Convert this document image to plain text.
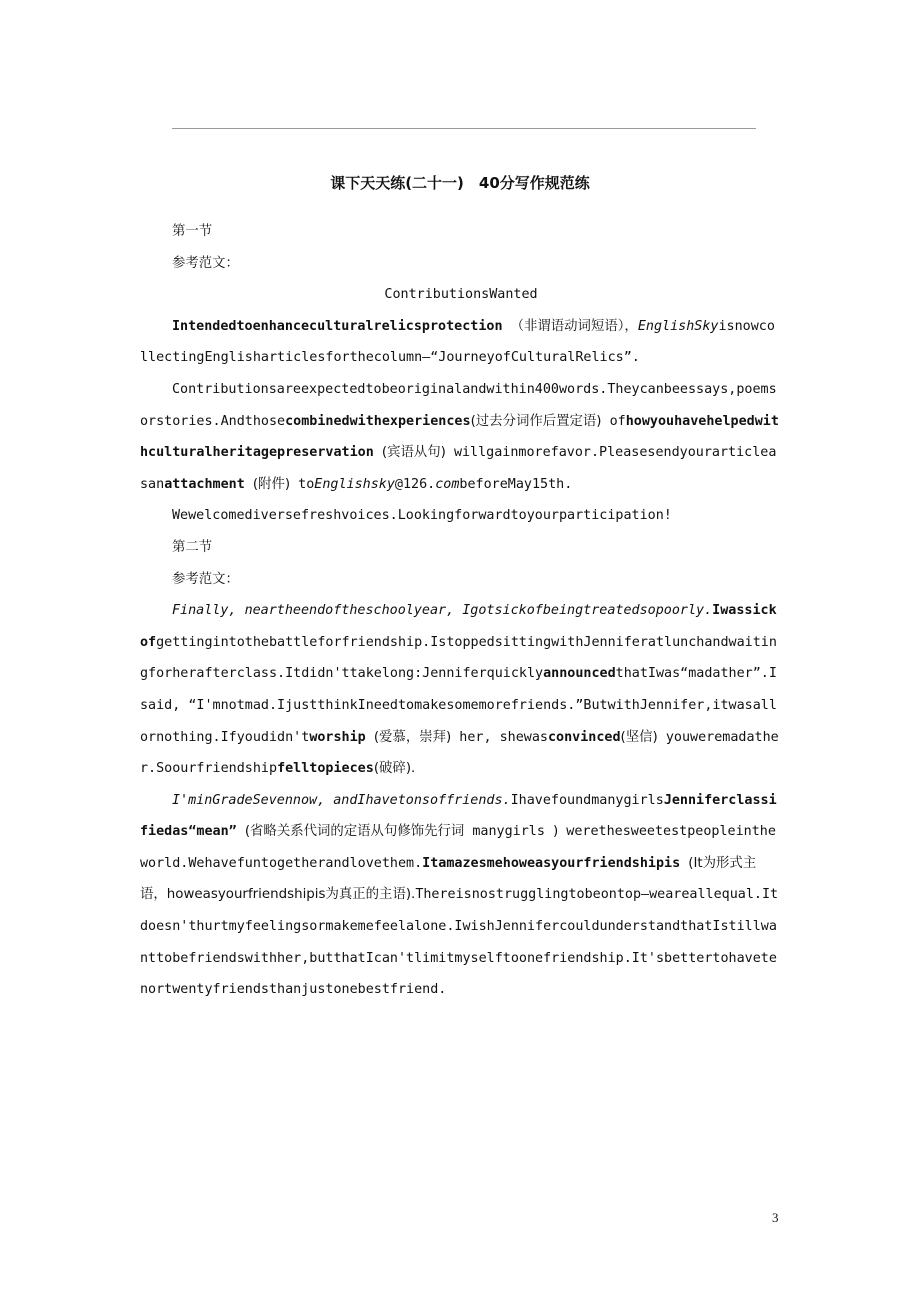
课下天天练(二十一)　40分写作规范练

第一节

参考范文：

ContributionsWanted

Intendedtoenhanceculturalrelicsprotection （非谓语动词短语），EnglishSkyisnowcollectingEnglisharticlesforthecolumn—“JourneyofCulturalRelics”.

Contributionsareexpectedtobeoriginalandwithin400words.Theycanbeessays,poemsorstories.Andthosecombinedwithexperiences(过去分词作后置定语) ofhowyouhavehelpedwithculturalheritagepreservation (宾语从句) willgainmorefavor.Pleasesendyourarticleasanattachment (附件) toEnglishsky@126.combeforeMay15th.

Wewelcomediversefreshvoices.Lookingforwardtoyourparticipation!

第二节

参考范文：

Finally, neartheendoftheschoolyear, Igotsickofbeingtreatedsopoorly.Iwassickofgettingintothebattleforfriendship.IstoppedsittingwithJenniferatlunchandwaitingforherafterclass.Itdidn'ttakelong:JenniferquicklyannouncedthatIwas“madather”.Isaid, “I'mnotmad.IjustthinkIneedtomakesomemorefriends.”ButwithJennifer,itwasallornothing.Ifyoudidn'tworship (爱慕，崇拜) her, shewasconvinced(坚信) youweremadather.Soourfriendshipfelltopieces(破碎).

I'minGradeSevennow, andIhavetonsoffriends.IhavefoundmanygirlsJenniferclassifiedas“mean” (省略关系代词的定语从句修饰先行词 manygirls ) werethesweetestpeopleintheworld.Wehavefuntogetherandlovethem.Itamazesmehoweasyourfriendshipis (It为形式主语，howeasyourfriendshipis为真正的主语).Thereisnostrugglingtobeontop—weareallequal.Itdoesn'thurtmyfeelingsormakemefeelalone.IwishJennifercouldunderstandthatIstillwanttobefriendswithher,butthatIcan'tlimitmyselftoonefriendship.It'sbettertohavetenortwentyfriendsthanjustonebestfriend.

3
